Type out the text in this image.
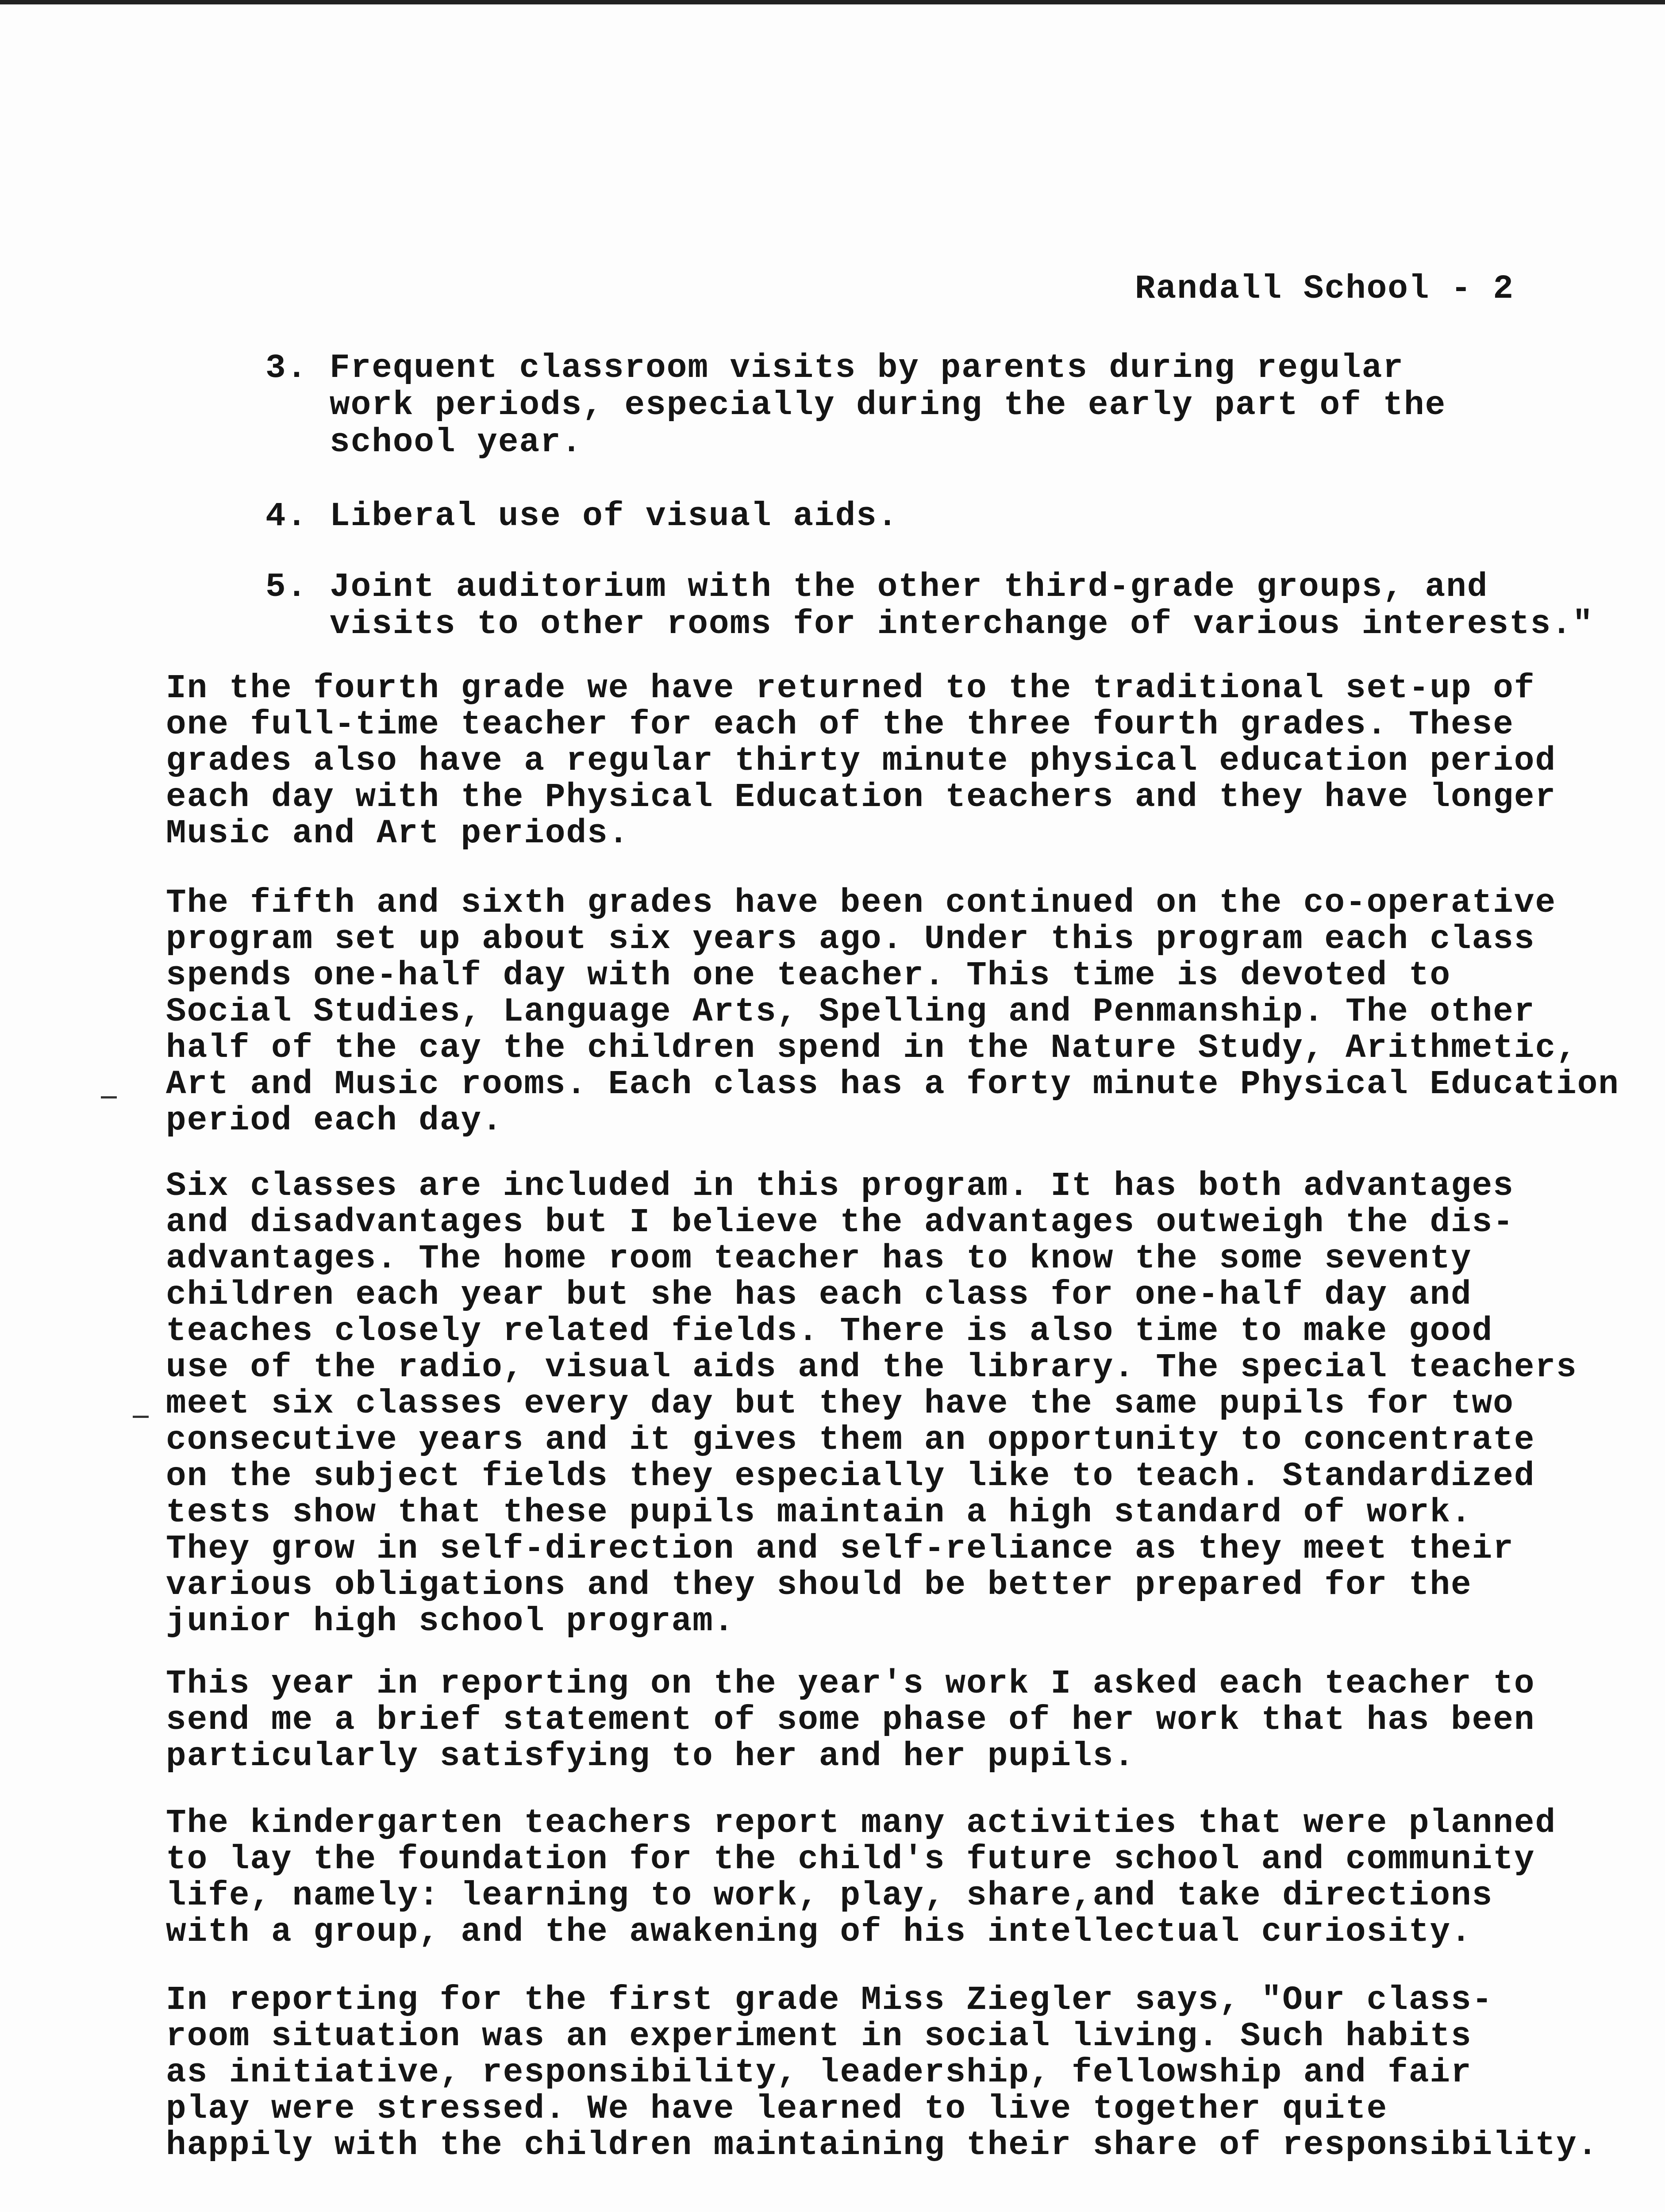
Randall School - 2
3. Frequent classroom visits by parents during regular
work periods, especially during the early part of the
school year.
4. Liberal use of visual aids.
5. Joint auditorium with the other third-grade groups, and
visits to other rooms for interchange of various interests."

In the fourth grade we have returned to the traditional set-up of
one full-time teacher for each of the three fourth grades. These
grades also have a regular thirty minute physical education period
each day with the Physical Education teachers and they have longer
Music and Art periods.

The fifth and sixth grades have been continued on the co-operative
program set up about six years ago. Under this program each class
spends one-half day with one teacher. This time is devoted to
Social Studies, Language Arts, Spelling and Penmanship. The other
half of the cay the children spend in the Nature Study, Arithmetic,
Art and Music rooms. Each class has a forty minute Physical Education
period each day.

Six classes are included in this program. It has both advantages
and disadvantages but I believe the advantages outweigh the dis-
advantages. The home room teacher has to know the some seventy
children each year but she has each class for one-half day and
teaches closely related fields. There is also time to make good
use of the radio, visual aids and the library. The special teachers
meet six classes every day but they have the same pupils for two
consecutive years and it gives them an opportunity to concentrate
on the subject fields they especially like to teach. Standardized
tests show that these pupils maintain a high standard of work.
They grow in self-direction and self-reliance as they meet their
various obligations and they should be better prepared for the
junior high school program.

This year in reporting on the year's work I asked each teacher to
send me a brief statement of some phase of her work that has been
particularly satisfying to her and her pupils.

The kindergarten teachers report many activities that were planned
to lay the foundation for the child's future school and community
life, namely: learning to work, play, share,and take directions
with a group, and the awakening of his intellectual curiosity.

In reporting for the first grade Miss Ziegler says, "Our class-
room situation was an experiment in social living. Such habits
as initiative, responsibility, leadership, fellowship and fair
play were stressed. We have learned to live together quite
happily with the children maintaining their share of responsibility.
